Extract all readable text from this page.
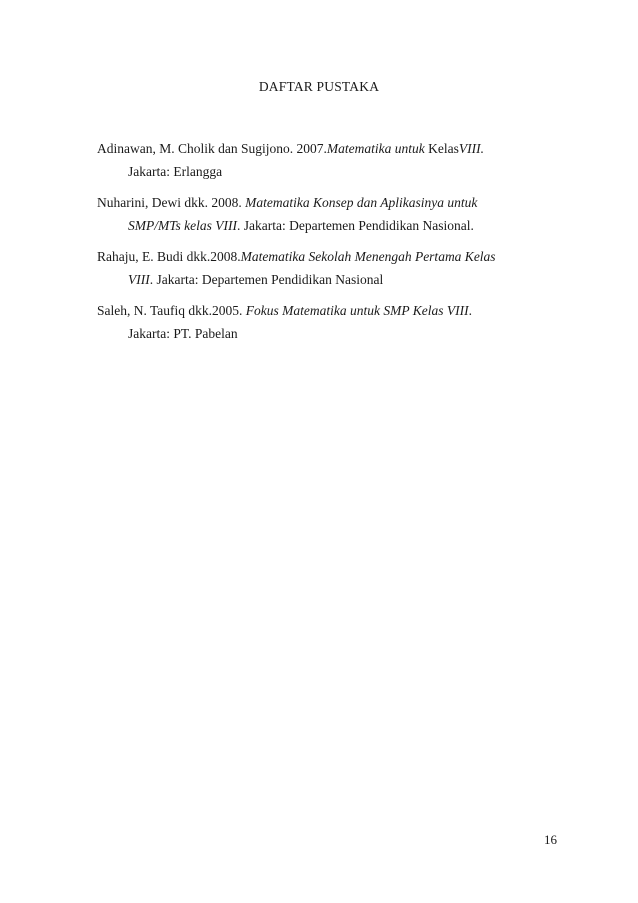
DAFTAR PUSTAKA
Adinawan, M. Cholik dan Sugijono. 2007.Matematika untuk KelasVIII.
Jakarta: Erlangga
Nuharini, Dewi dkk. 2008. Matematika Konsep dan Aplikasinya untuk
SMP/MTs kelas VIII. Jakarta: Departemen Pendidikan Nasional.
Rahaju, E. Budi dkk.2008.Matematika Sekolah Menengah Pertama Kelas
VIII. Jakarta: Departemen Pendidikan Nasional
Saleh, N. Taufiq dkk.2005. Fokus Matematika untuk SMP Kelas VIII.
Jakarta: PT. Pabelan
16
